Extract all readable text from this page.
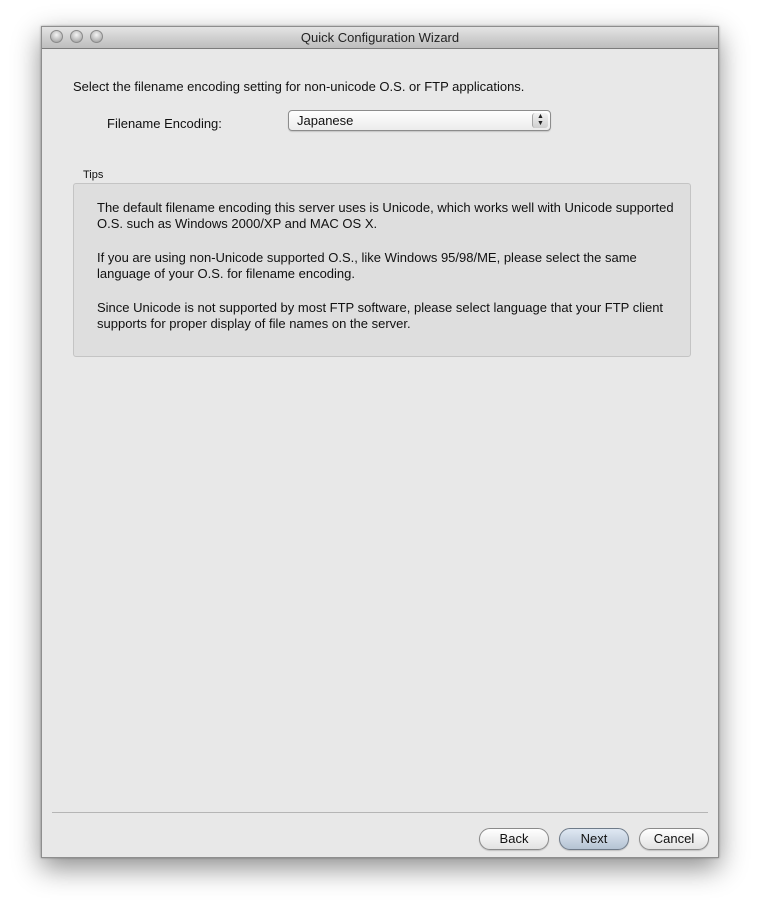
Quick Configuration Wizard
Select the filename encoding setting for non-unicode O.S. or FTP applications.
Filename Encoding:	Japanese	▲
▼
Tips

The default filename encoding this server uses is Unicode, which works well with Unicode supported O.S. such as Windows 2000/XP and MAC OS X.

If you are using non-Unicode supported O.S., like Windows 95/98/ME, please select the same language of your O.S. for filename encoding.

Since Unicode is not supported by most FTP software, please select language that your FTP client supports for proper display of file names on the server.

Back	Next	Cancel
